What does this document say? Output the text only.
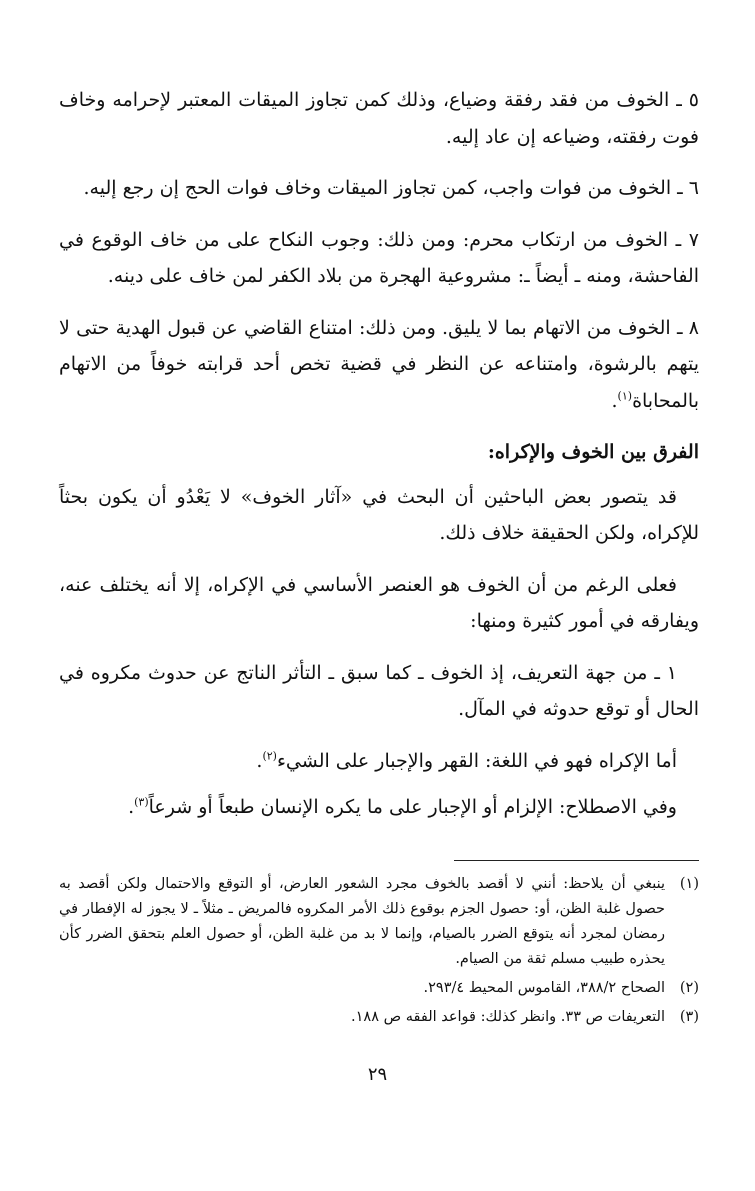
٥ ـ الخوف من فقد رفقة وضياع، وذلك كمن تجاوز الميقات المعتبر لإحرامه وخاف فوت رفقته، وضياعه إن عاد إليه.

٦ ـ الخوف من فوات واجب، كمن تجاوز الميقات وخاف فوات الحج إن رجع إليه.

٧ ـ الخوف من ارتكاب محرم: ومن ذلك: وجوب النكاح على من خاف الوقوع في الفاحشة، ومنه ـ أيضاً ـ: مشروعية الهجرة من بلاد الكفر لمن خاف على دينه.

٨ ـ الخوف من الاتهام بما لا يليق. ومن ذلك: امتناع القاضي عن قبول الهدية حتى لا يتهم بالرشوة، وامتناعه عن النظر في قضية تخص أحد قرابته خوفاً من الاتهام بالمحاباة$^{(١)}$.

الفرق بين الخوف والإكراه:

قد يتصور بعض الباحثين أن البحث في «آثار الخوف» لا يَعْدُو أن يكون بحثاً للإكراه، ولكن الحقيقة خلاف ذلك.

فعلى الرغم من أن الخوف هو العنصر الأساسي في الإكراه، إلا أنه يختلف عنه، ويفارقه في أمور كثيرة ومنها:

١ ـ من جهة التعريف، إذ الخوف ـ كما سبق ـ التأثر الناتج عن حدوث مكروه في الحال أو توقع حدوثه في المآل.

أما الإكراه فهو في اللغة: القهر والإجبار على الشيء$^{(٢)}$.

وفي الاصطلاح: الإلزام أو الإجبار على ما يكره الإنسان طبعاً أو شرعاً$^{(٣)}$.

(١)
ينبغي أن يلاحظ: أنني لا أقصد بالخوف مجرد الشعور العارض، أو التوقع والاحتمال ولكن أقصد به حصول غلبة الظن، أو: حصول الجزم بوقوع ذلك الأمر المكروه فالمريض ـ مثلاً ـ لا يجوز له الإفطار في رمضان لمجرد أنه يتوقع الضرر بالصيام، وإنما لا بد من غلبة الظن، أو حصول العلم بتحقق الضرر كأن يحذره طبيب مسلم ثقة من الصيام.
(٢)
الصحاح ٣٨٨/٢، القاموس المحيط ٢٩٣/٤.
(٣)
التعريفات ص ٣٣. وانظر كذلك: قواعد الفقه ص ١٨٨.
٢٩
